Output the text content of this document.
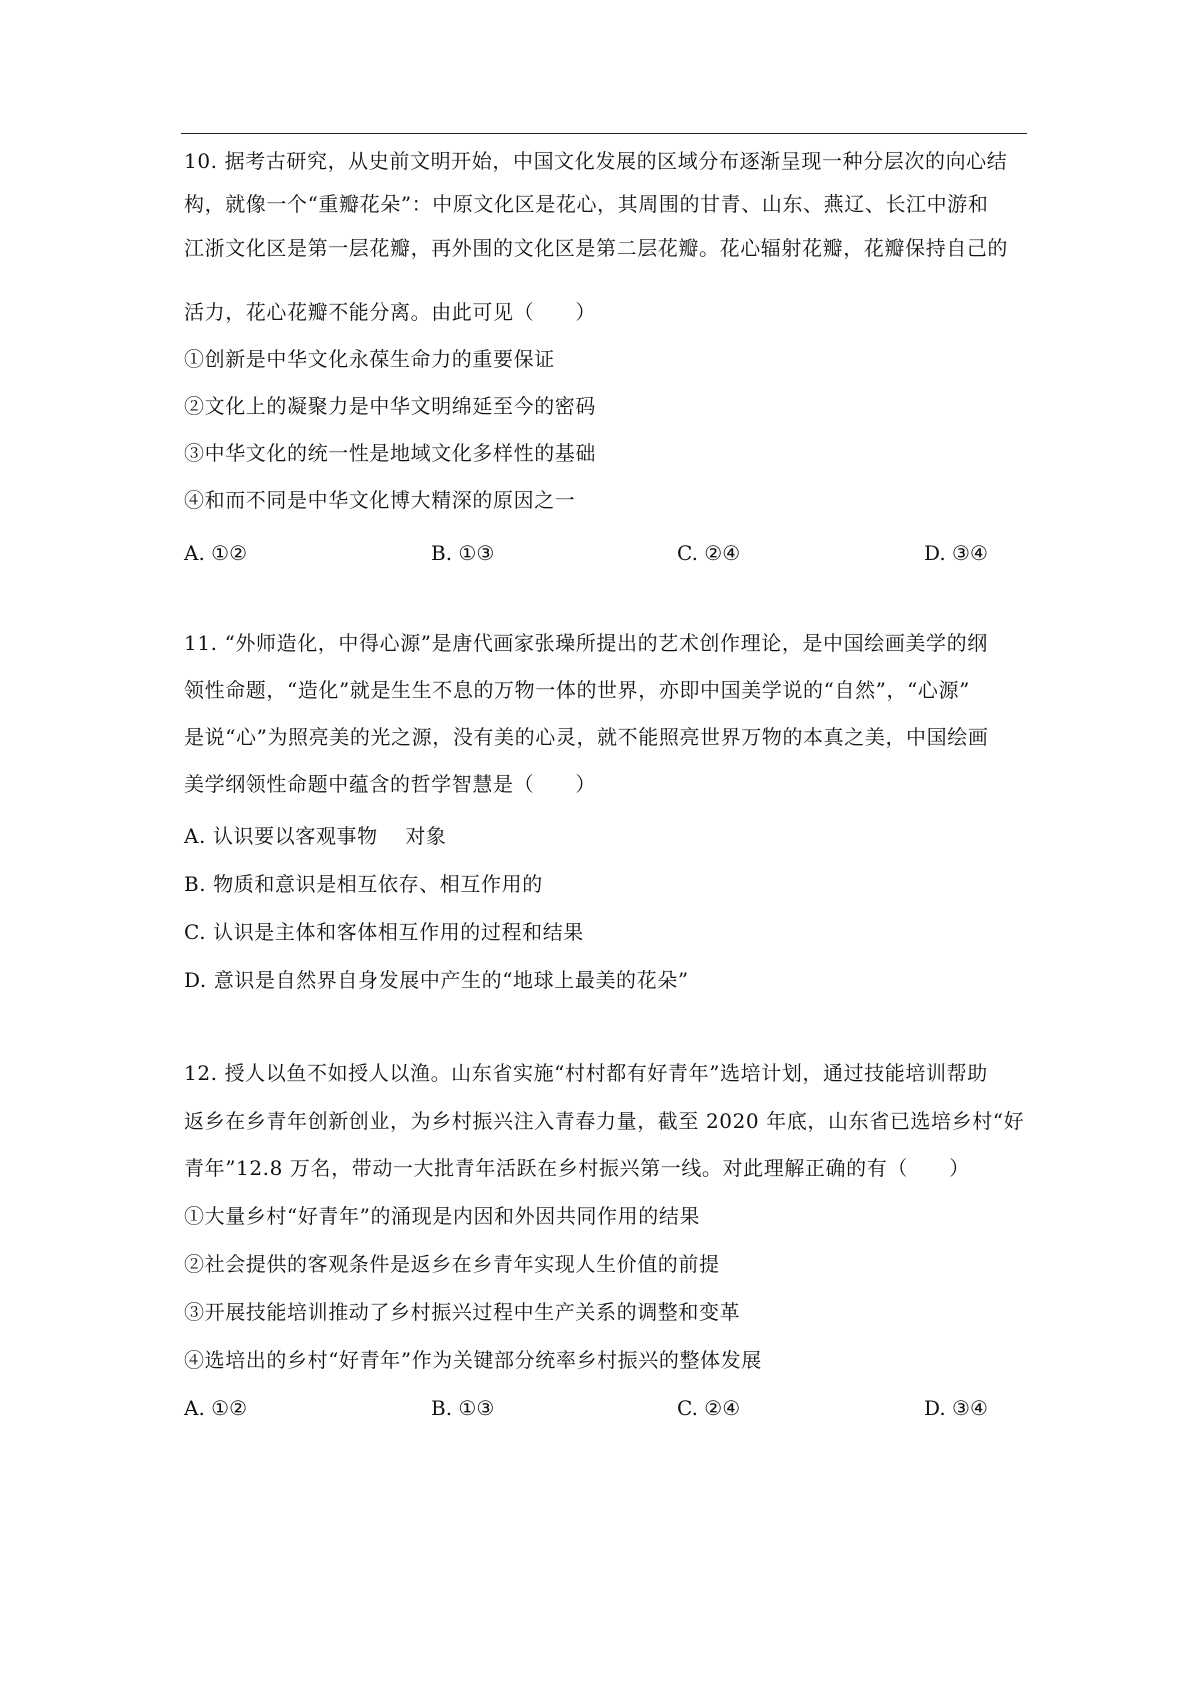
10. 据考古研究，从史前文明开始，中国文化发展的区域分布逐渐呈现一种分层次的向心结
构，就像一个“重瓣花朵”：中原文化区是花心，其周围的甘青、山东、燕辽、长江中游和
江浙文化区是第一层花瓣，再外围的文化区是第二层花瓣。花心辐射花瓣，花瓣保持自己的
活力，花心花瓣不能分离。由此可见（　　）
①创新是中华文化永葆生命力的重要保证
②文化上的凝聚力是中华文明绵延至今的密码
③中华文化的统一性是地域文化多样性的基础
④和而不同是中华文化博大精深的原因之一
A. ①②	B. ①③	C. ②④	D. ③④
11. “外师造化，中得心源”是唐代画家张璪所提出的艺术创作理论，是中国绘画美学的纲
领性命题，“造化”就是生生不息的万物一体的世界，亦即中国美学说的“自然”，“心源”
是说“心”为照亮美的光之源，没有美的心灵，就不能照亮世界万物的本真之美，中国绘画
美学纲领性命题中蕴含的哲学智慧是（　　）
A. 认识要以客观事物　 对象
B. 物质和意识是相互依存、相互作用的
C. 认识是主体和客体相互作用的过程和结果
D. 意识是自然界自身发展中产生的“地球上最美的花朵”
12. 授人以鱼不如授人以渔。山东省实施“村村都有好青年”选培计划，通过技能培训帮助
返乡在乡青年创新创业，为乡村振兴注入青春力量，截至 2020 年底，山东省已选培乡村“好
青年”12.8 万名，带动一大批青年活跃在乡村振兴第一线。对此理解正确的有（　　）
①大量乡村“好青年”的涌现是内因和外因共同作用的结果
②社会提供的客观条件是返乡在乡青年实现人生价值的前提
③开展技能培训推动了乡村振兴过程中生产关系的调整和变革
④选培出的乡村“好青年”作为关键部分统率乡村振兴的整体发展
A. ①②	B. ①③	C. ②④	D. ③④
